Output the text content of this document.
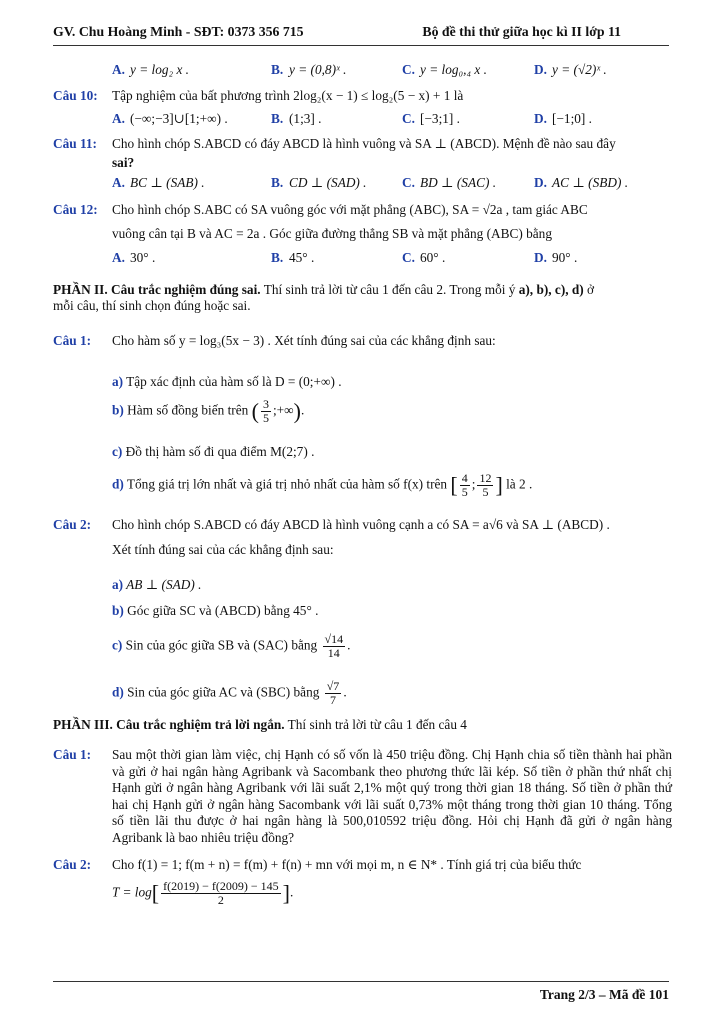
GV. Chu Hoàng Minh - SĐT: 0373 356 715	Bộ đề thi thử giữa học kì II lớp 11
A. y = log₂ x .	B. y = (0,8)ˣ .	C. y = log₀,₄ x .	D. y = (√2)ˣ .
Câu 10: Tập nghiệm của bất phương trình 2log₂(x − 1) ≤ log₂(5 − x) + 1 là
A. (−∞;−3]∪[1;+∞) .	B. (1;3] .	C. [−3;1] .	D. [−1;0] .
Câu 11: Cho hình chóp S.ABCD có đáy ABCD là hình vuông và SA ⊥ (ABCD). Mệnh đề nào sau đây
sai?
A. BC ⊥ (SAB) .	B. CD ⊥ (SAD) .	C. BD ⊥ (SAC) .	D. AC ⊥ (SBD) .
Câu 12: Cho hình chóp S.ABC có SA vuông góc với mặt phẳng (ABC), SA = √2a , tam giác ABC
vuông cân tại B và AC = 2a . Góc giữa đường thẳng SB và mặt phẳng (ABC) bằng
A. 30° .	B. 45° .	C. 60° .	D. 90° .
PHẦN II. Câu trắc nghiệm đúng sai. Thí sinh trả lời từ câu 1 đến câu 2. Trong mỗi ý a), b), c), d) ở
mỗi câu, thí sinh chọn đúng hoặc sai.
Câu 1: Cho hàm số y = log₃(5x − 3) . Xét tính đúng sai của các khẳng định sau:
a) Tập xác định của hàm số là D = (0;+∞) .
b) Hàm số đồng biến trên ( $\frac{3}{5}$ ;+∞).
c) Đồ thị hàm số đi qua điểm M(2;7) .
d) Tổng giá trị lớn nhất và giá trị nhỏ nhất của hàm số f(x) trên [ $\frac{4}{5}$ ; $\frac{12}{5}$ ] là 2 .
Câu 2: Cho hình chóp S.ABCD có đáy ABCD là hình vuông cạnh a có SA = a√6 và SA ⊥ (ABCD) .
Xét tính đúng sai của các khẳng định sau:
a) AB ⊥ (SAD) .
b) Góc giữa SC và (ABCD) bằng 45° .
c) Sin của góc giữa SB và (SAC) bằng $\frac{√14}{14}$ .
d) Sin của góc giữa AC và (SBC) bằng $\frac{√7}{7}$ .
PHẦN III. Câu trắc nghiệm trả lời ngắn. Thí sinh trả lời từ câu 1 đến câu 4
Câu 1: Sau một thời gian làm việc, chị Hạnh có số vốn là 450 triệu đồng. Chị Hạnh chia số tiền thành hai phần và gửi ở hai ngân hàng Agribank và Sacombank theo phương thức lãi kép. Số tiền ở phần thứ nhất chị Hạnh gửi ở ngân hàng Agribank với lãi suất 2,1% một quý trong thời gian 18 tháng. Số tiền ở phần thứ hai chị Hạnh gửi ở ngân hàng Sacombank với lãi suất 0,73% một tháng trong thời gian 10 tháng. Tổng số tiền lãi thu được ở hai ngân hàng là 500,010592 triệu đồng. Hỏi chị Hạnh đã gửi ở ngân hàng Agribank là bao nhiêu triệu đồng?
Câu 2: Cho f(1) = 1; f(m + n) = f(m) + f(n) + mn với mọi m, n ∈ N* . Tính giá trị của biểu thức
$T = \log[ \frac{f(2019) - f(2009) - 145}{2}$ ].
Trang 2/3 – Mã đề 101
